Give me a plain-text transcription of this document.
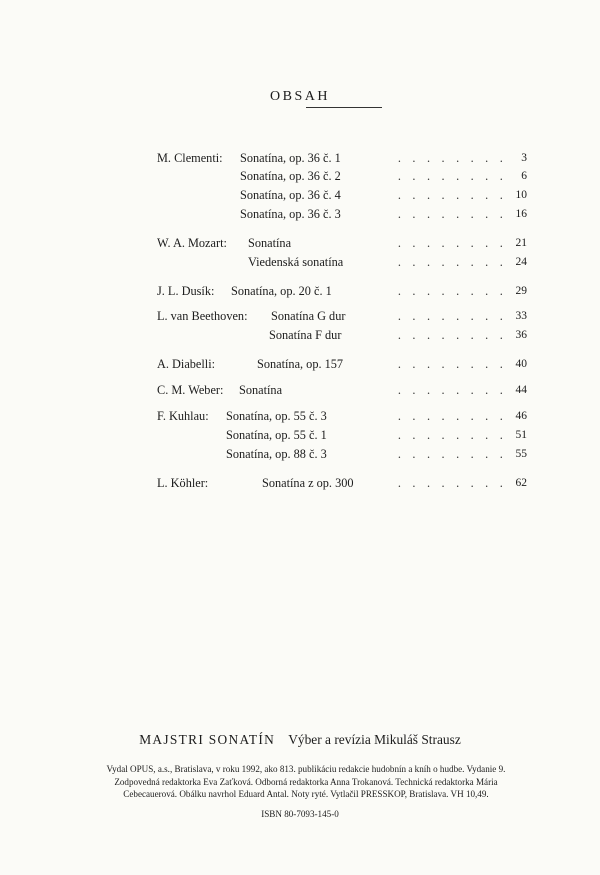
OBSAH
M. Clementi: Sonatína, op. 36 č. 1	. . . . . . . .	3
Sonatína, op. 36 č. 2	. . . . . . . .	6
Sonatína, op. 36 č. 4	. . . . . . . . 10
Sonatína, op. 36 č. 3	. . . . . . . . 16
W. A. Mozart: Sonatína	. . . . . . . . 21
Viedenská sonatína	. . . . . . . . 24
J. L. Dusík: Sonatína, op. 20 č. 1	. . . . . . . . 29
L. van Beethoven: Sonatína G dur	. . . . . . . . 33
Sonatína F dur	. . . . . . . . 36
A. Diabelli:	Sonatína, op. 157	. . . . . . . . 40
C. M. Weber: Sonatína	. . . . . . . . 44
F. Kuhlau: Sonatína, op. 55 č. 3	. . . . . . . . 46
Sonatína, op. 55 č. 1	. . . . . . . . 51
Sonatína, op. 88 č. 3	. . . . . . . . 55
L. Köhler:	Sonatína z op. 300	. . . . . . . . 62
MAJSTRI SONATÍN Výber a revízia Mikuláš Strausz
Vydal OPUS, a.s., Bratislava, v roku 1992, ako 813. publikáciu redakcie hudobnín a kníh o hudbe. Vydanie 9.
Zodpovedná redaktorka Eva Zaťková. Odborná redaktorka Anna Trokanová. Technická redaktorka Mária
Cebecauerová. Obálku navrhol Eduard Antal. Noty ryté. Vytlačil PRESSKOP, Bratislava. VH 10,49.
ISBN 80-7093-145-0
